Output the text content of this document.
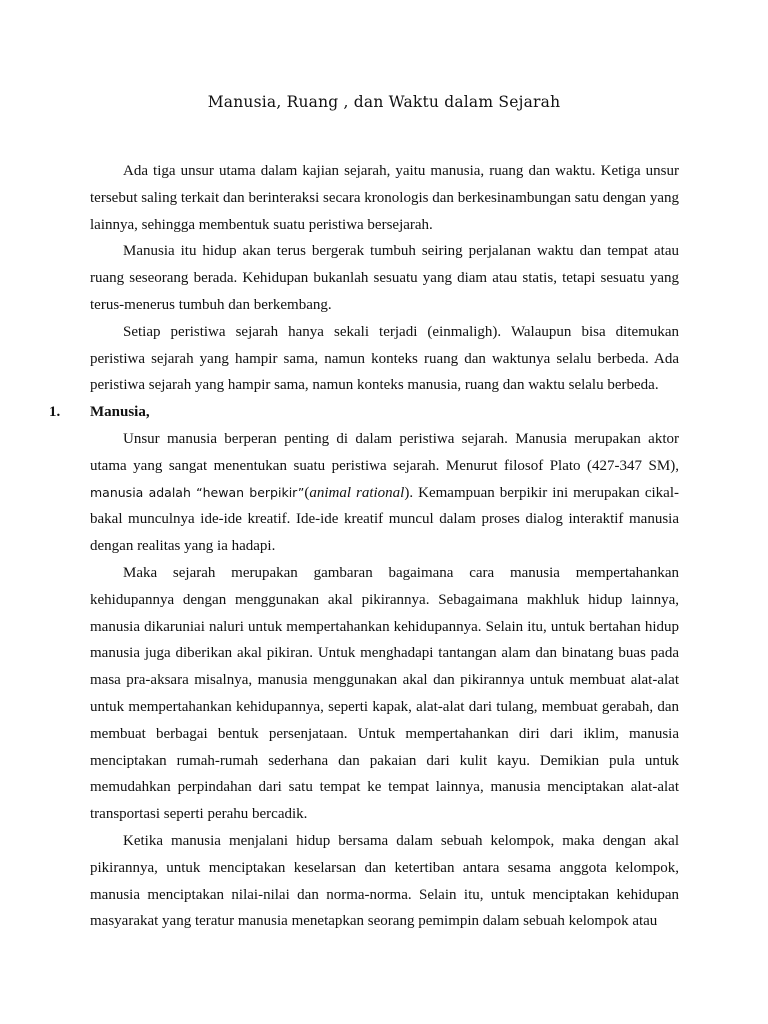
Manusia, Ruang , dan Waktu dalam Sejarah

Ada tiga unsur utama dalam kajian sejarah, yaitu manusia, ruang dan waktu. Ketiga unsur tersebut saling terkait dan berinteraksi secara kronologis dan berkesinambungan satu dengan yang lainnya, sehingga membentuk suatu peristiwa bersejarah.

Manusia itu hidup akan terus bergerak tumbuh seiring perjalanan waktu dan tempat atau ruang seseorang berada. Kehidupan bukanlah sesuatu yang diam atau statis, tetapi sesuatu yang terus-menerus tumbuh dan berkembang.

Setiap peristiwa sejarah hanya sekali terjadi (einmaligh). Walaupun bisa ditemukan peristiwa sejarah yang hampir sama, namun konteks ruang dan waktunya selalu berbeda. Ada peristiwa sejarah yang hampir sama, namun konteks manusia, ruang dan waktu selalu berbeda.

1. Manusia,

Unsur manusia berperan penting di dalam peristiwa sejarah. Manusia merupakan aktor utama yang sangat menentukan suatu peristiwa sejarah. Menurut filosof Plato (427-347 SM), manusia adalah “hewan berpikir”(animal rational). Kemampuan berpikir ini merupakan cikal-bakal munculnya ide-ide kreatif. Ide-ide kreatif muncul dalam proses dialog interaktif manusia dengan realitas yang ia hadapi.

Maka sejarah merupakan gambaran bagaimana cara manusia mempertahankan kehidupannya dengan menggunakan akal pikirannya. Sebagaimana makhluk hidup lainnya, manusia dikaruniai naluri untuk mempertahankan kehidupannya. Selain itu, untuk bertahan hidup manusia juga diberikan akal pikiran. Untuk menghadapi tantangan alam dan binatang buas pada masa pra-aksara misalnya, manusia menggunakan akal dan pikirannya untuk membuat alat-alat untuk mempertahankan kehidupannya, seperti kapak, alat-alat dari tulang, membuat gerabah, dan membuat berbagai bentuk persenjataan. Untuk mempertahankan diri dari iklim, manusia menciptakan rumah-rumah sederhana dan pakaian dari kulit kayu. Demikian pula untuk memudahkan perpindahan dari satu tempat ke tempat lainnya, manusia menciptakan alat-alat transportasi seperti perahu bercadik.

Ketika manusia menjalani hidup bersama dalam sebuah kelompok, maka dengan akal pikirannya, untuk menciptakan keselarsan dan ketertiban antara sesama anggota kelompok, manusia menciptakan nilai-nilai dan norma-norma. Selain itu, untuk menciptakan kehidupan masyarakat yang teratur manusia menetapkan seorang pemimpin dalam sebuah kelompok atau
